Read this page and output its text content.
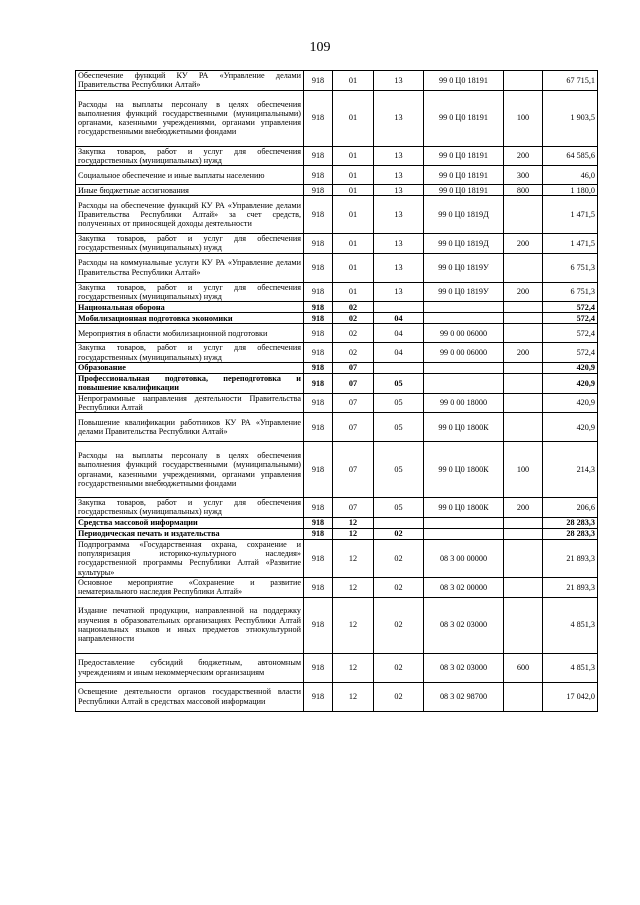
109
Обеспечение функций КУ РА «Управление делами Правительства Республики Алтай»	918	01	13	99 0 Ц0 18191		67 715,1
Расходы на выплаты персоналу в целях обеспечения выполнения функций государственными (муниципальными) органами, казенными учреждениями, органами управления государственными внебюджетными фондами	918	01	13	99 0 Ц0 18191	100	1 903,5
Закупка товаров, работ и услуг для обеспечения государственных (муниципальных) нужд	918	01	13	99 0 Ц0 18191	200	64 585,6
Социальное обеспечение и иные выплаты населению	918	01	13	99 0 Ц0 18191	300	46,0
Иные бюджетные ассигнования	918	01	13	99 0 Ц0 18191	800	1 180,0
Расходы на обеспечение функций КУ РА «Управление делами Правительства Республики Алтай» за счет средств, полученных от приносящей доходы деятельности	918	01	13	99 0 Ц0 1819Д		1 471,5
Закупка товаров, работ и услуг для обеспечения государственных (муниципальных) нужд	918	01	13	99 0 Ц0 1819Д	200	1 471,5
Расходы на коммунальные услуги КУ РА «Управление делами Правительства Республики Алтай»	918	01	13	99 0 Ц0 1819У		6 751,3
Закупка товаров, работ и услуг для обеспечения государственных (муниципальных) нужд	918	01	13	99 0 Ц0 1819У	200	6 751,3
Национальная оборона	918	02				572,4
Мобилизационная подготовка экономики	918	02	04			572,4
Мероприятия в области мобилизационной подготовки	918	02	04	99 0 00 06000		572,4
Закупка товаров, работ и услуг для обеспечения государственных (муниципальных) нужд	918	02	04	99 0 00 06000	200	572,4
Образование	918	07				420,9
Профессиональная подготовка, переподготовка и повышение квалификации	918	07	05			420,9
Непрограммные направления деятельности Правительства Республики Алтай	918	07	05	99 0 00 18000		420,9
Повышение квалификации работников КУ РА «Управление делами Правительства Республики Алтай»	918	07	05	99 0 Ц0 1800К		420,9
Расходы на выплаты персоналу в целях обеспечения выполнения функций государственными (муниципальными) органами, казенными учреждениями, органами управления государственными внебюджетными фондами	918	07	05	99 0 Ц0 1800К	100	214,3
Закупка товаров, работ и услуг для обеспечения государственных (муниципальных) нужд	918	07	05	99 0 Ц0 1800К	200	206,6
Средства массовой информации	918	12				28 283,3
Периодическая печать и издательства	918	12	02			28 283,3
Подпрограмма «Государственная охрана, сохранение и популяризация историко-культурного наследия» государственной программы Республики Алтай «Развитие культуры»	918	12	02	08 3 00 00000		21 893,3
Основное мероприятие «Сохранение и развитие нематериального наследия Республики Алтай»	918	12	02	08 3 02 00000		21 893,3
Издание печатной продукции, направленной на поддержку изучения в образовательных организациях Республики Алтай национальных языков и иных предметов этнокультурной направленности	918	12	02	08 3 02 03000		4 851,3
Предоставление субсидий бюджетным, автономным учреждениям и иным некоммерческим организациям	918	12	02	08 3 02 03000	600	4 851,3
Освещение деятельности органов государственной власти Республики Алтай в средствах массовой информации	918	12	02	08 3 02 98700		17 042,0
